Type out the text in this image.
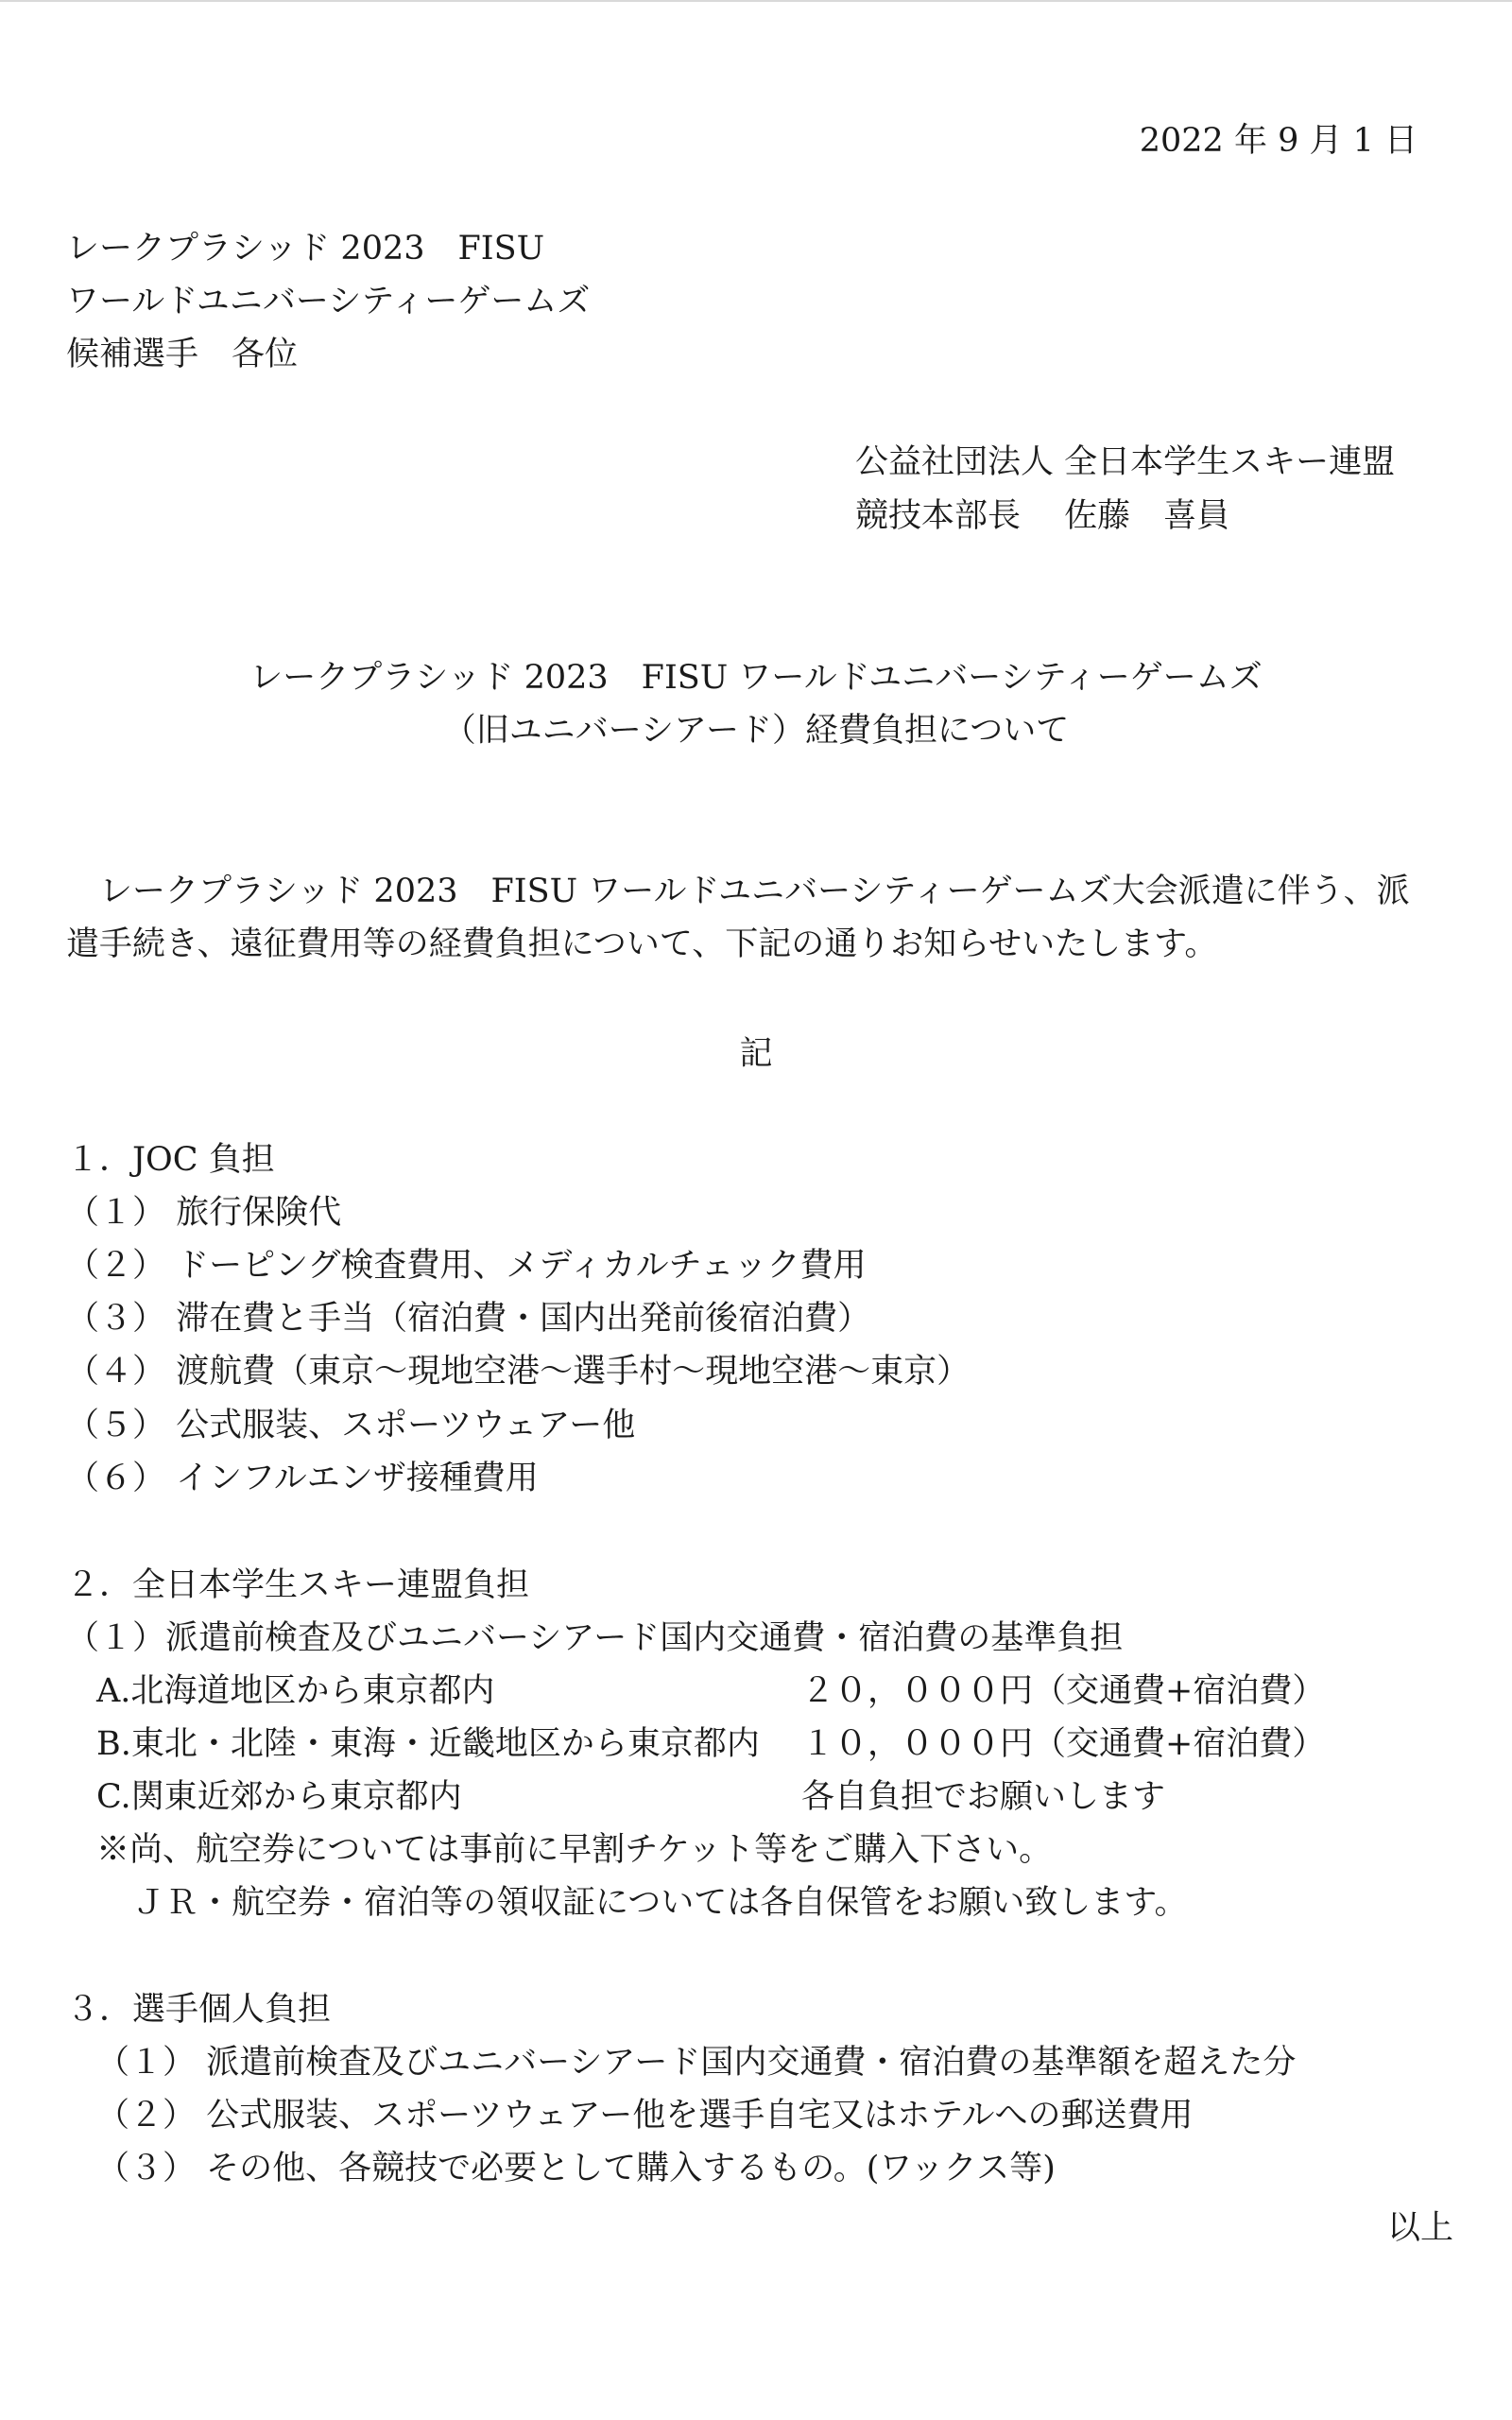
2022 年 9 月 1 日
レークプラシッド 2023　FISU
ワールドユニバーシティーゲームズ
候補選手　各位
公益社団法人 全日本学生スキー連盟
競技本部長　 佐藤　喜員
レークプラシッド 2023　FISU ワールドユニバーシティーゲームズ
（旧ユニバーシアード）経費負担について
　レークプラシッド 2023　FISU ワールドユニバーシティーゲームズ大会派遣に伴う、派
遣手続き、遠征費用等の経費負担について、下記の通りお知らせいたします。
記
１．JOC 負担
（１） 旅行保険代
（２） ドーピング検査費用、メディカルチェック費用
（３） 滞在費と手当（宿泊費・国内出発前後宿泊費）
（４） 渡航費（東京～現地空港～選手村～現地空港～東京）
（５） 公式服装、スポーツウェアー他
（６） インフルエンザ接種費用
２．全日本学生スキー連盟負担
（１）派遣前検査及びユニバーシアード国内交通費・宿泊費の基準負担
A.北海道地区から東京都内	２０，０００円（交通費+宿泊費）
B.東北・北陸・東海・近畿地区から東京都内 １０，０００円（交通費+宿泊費）
C.関東近郊から東京都内	各自負担でお願いします
※尚、航空券については事前に早割チケット等をご購入下さい。
ＪＲ・航空券・宿泊等の領収証については各自保管をお願い致します。
３．選手個人負担
（１） 派遣前検査及びユニバーシアード国内交通費・宿泊費の基準額を超えた分
（２） 公式服装、スポーツウェアー他を選手自宅又はホテルへの郵送費用
（３） その他、各競技で必要として購入するもの。(ワックス等)
以上
